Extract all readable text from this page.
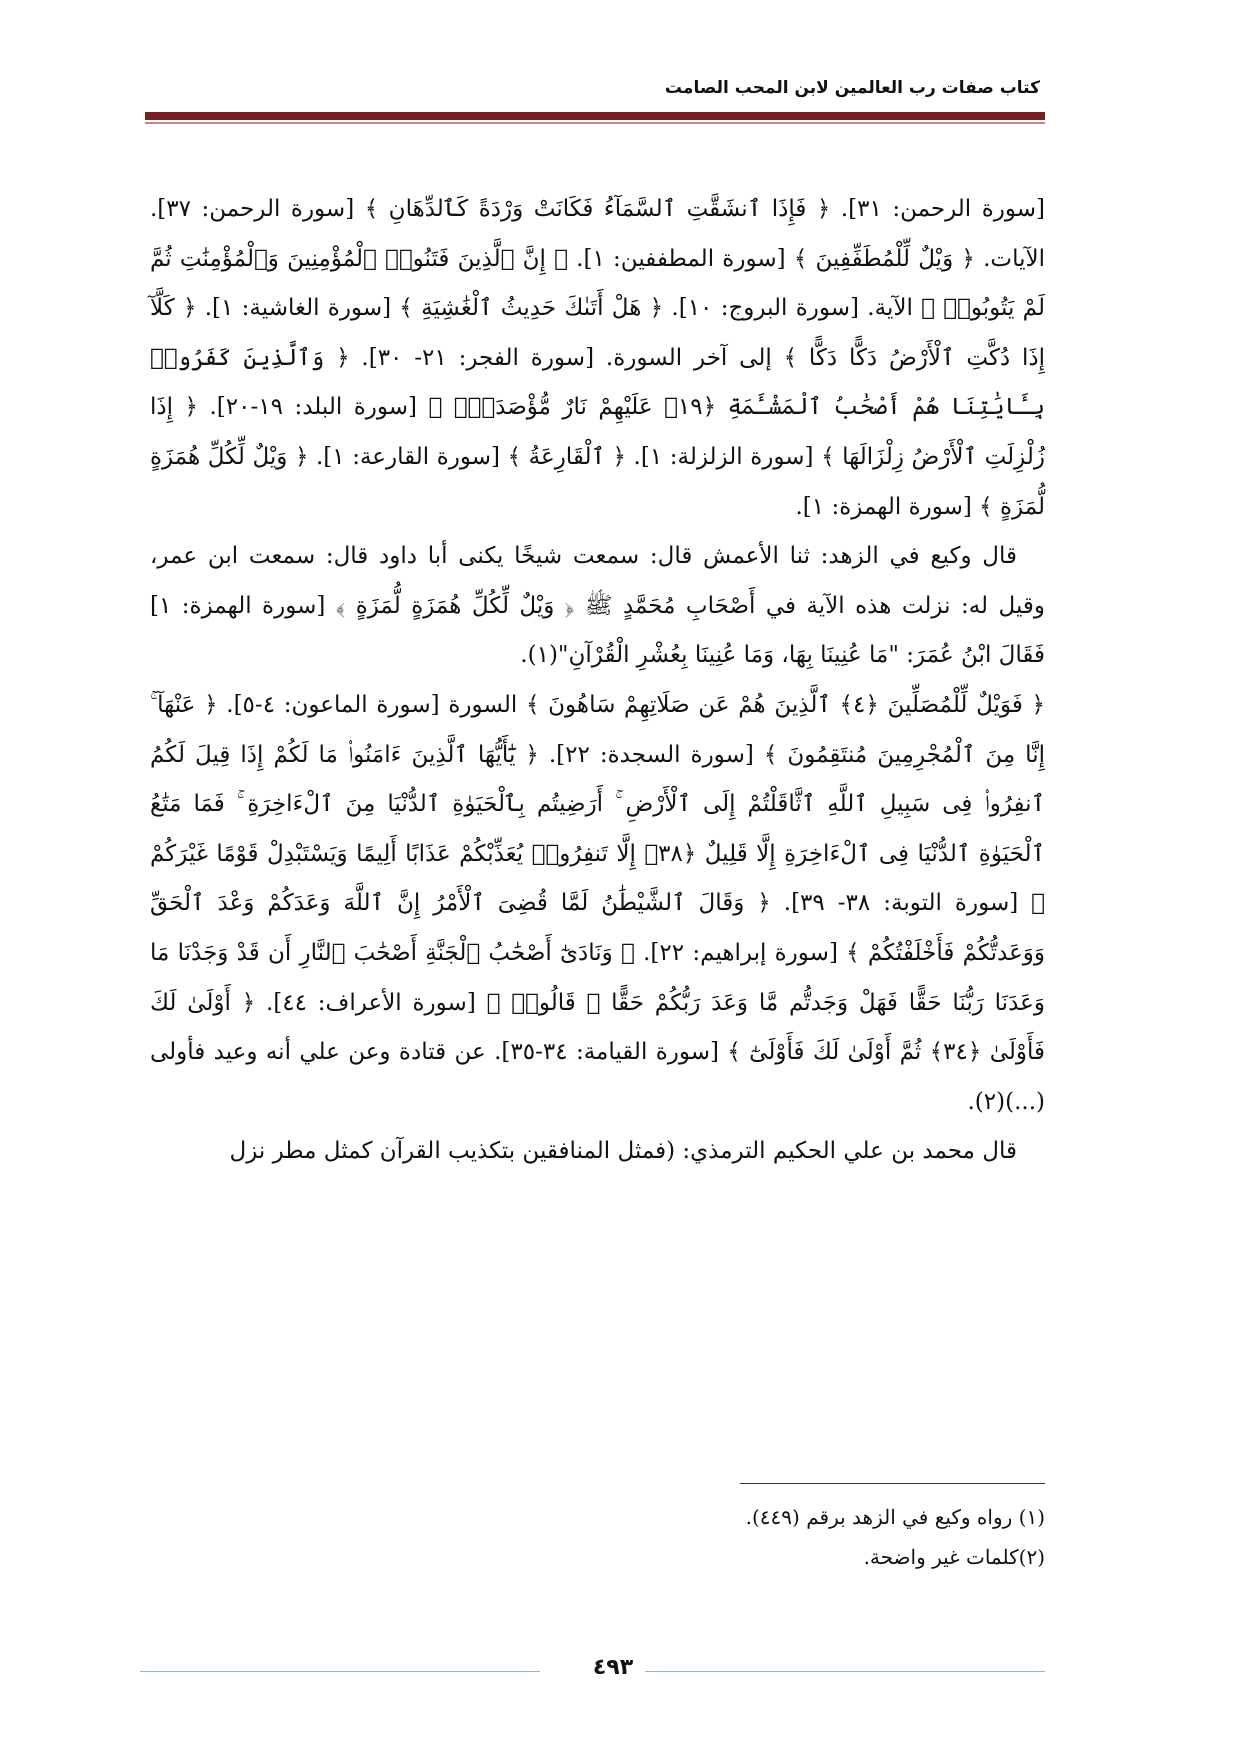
كتاب صفات رب العالمين لابن المحب الصامت

[سورة الرحمن: ٣١]. ﴿ فَإِذَا ٱنشَقَّتِ ٱلسَّمَآءُ فَكَانَتْ وَرْدَةً كَٱلدِّهَانِ ﴾ [سورة الرحمن: ٣٧]. الآيات. ﴿ وَيْلٌ لِّلْمُطَفِّفِينَ ﴾ [سورة المطففين: ١]. ﴿ إِنَّ ٱلَّذِينَ فَتَنُوا۟ ٱلْمُؤْمِنِينَ وَٱلْمُؤْمِنَٰتِ ثُمَّ لَمْ يَتُوبُوا۟ ﴾ الآية. [سورة البروج: ١٠]. ﴿ هَلْ أَتَىٰكَ حَدِيثُ ٱلْغَٰشِيَةِ ﴾ [سورة الغاشية: ١]. ﴿ كَلَّآ إِذَا دُكَّتِ ٱلْأَرْضُ دَكًّا دَكًّا ﴾ إلى آخر السورة. [سورة الفجر: ٢١- ٣٠]. ﴿ وَٱلَّذِينَ كَفَرُوا۟ بِـَٔايَٰتِنَا هُمْ أَصْحَٰبُ ٱلْمَشْـَٔمَةِ ﴿١٩﴾ عَلَيْهِمْ نَارٌ مُّؤْصَدَةٌۢ ﴾ [سورة البلد: ١٩-٢٠]. ﴿ إِذَا زُلْزِلَتِ ٱلْأَرْضُ زِلْزَالَهَا ﴾ [سورة الزلزلة: ١]. ﴿ ٱلْقَارِعَةُ ﴾ [سورة القارعة: ١]. ﴿ وَيْلٌ لِّكُلِّ هُمَزَةٍ لُّمَزَةٍ ﴾ [سورة الهمزة: ١].

قال وكيع في الزهد: ثنا الأعمش قال: سمعت شيخًا يكنى أبا داود قال: سمعت ابن عمر، وقيل له: نزلت هذه الآية في أَصْحَابِ مُحَمَّدٍ ﷺ ﴿ وَيْلٌ لِّكُلِّ هُمَزَةٍ لُّمَزَةٍ ﴾ [سورة الهمزة: ١] فَقَالَ ابْنُ عُمَرَ: "مَا عُنِينَا بِهَا، وَمَا عُنِينَا بِعُشْرِ الْقُرْآنِ"(١).

﴿ فَوَيْلٌ لِّلْمُصَلِّينَ ﴿٤﴾ ٱلَّذِينَ هُمْ عَن صَلَاتِهِمْ سَاهُونَ ﴾ السورة [سورة الماعون: ٤-٥]. ﴿ عَنْهَآ ۚ إِنَّا مِنَ ٱلْمُجْرِمِينَ مُنتَقِمُونَ ﴾ [سورة السجدة: ٢٢]. ﴿ يَٰٓأَيُّهَا ٱلَّذِينَ ءَامَنُوا۟ مَا لَكُمْ إِذَا قِيلَ لَكُمُ ٱنفِرُوا۟ فِى سَبِيلِ ٱللَّهِ ٱثَّاقَلْتُمْ إِلَى ٱلْأَرْضِ ۚ أَرَضِيتُم بِٱلْحَيَوٰةِ ٱلدُّنْيَا مِنَ ٱلْءَاخِرَةِ ۚ فَمَا مَتَٰعُ ٱلْحَيَوٰةِ ٱلدُّنْيَا فِى ٱلْءَاخِرَةِ إِلَّا قَلِيلٌ ﴿٣٨﴾ إِلَّا تَنفِرُوا۟ يُعَذِّبْكُمْ عَذَابًا أَلِيمًا وَيَسْتَبْدِلْ قَوْمًا غَيْرَكُمْ ﴾ [سورة التوبة: ٣٨- ٣٩]. ﴿ وَقَالَ ٱلشَّيْطَٰنُ لَمَّا قُضِىَ ٱلْأَمْرُ إِنَّ ٱللَّهَ وَعَدَكُمْ وَعْدَ ٱلْحَقِّ وَوَعَدتُّكُمْ فَأَخْلَفْتُكُمْ ﴾ [سورة إبراهيم: ٢٢]. ﴿ وَنَادَىٰٓ أَصْحَٰبُ ٱلْجَنَّةِ أَصْحَٰبَ ٱلنَّارِ أَن قَدْ وَجَدْنَا مَا وَعَدَنَا رَبُّنَا حَقًّا فَهَلْ وَجَدتُّم مَّا وَعَدَ رَبُّكُمْ حَقًّا ۖ قَالُوا۟ ﴾ [سورة الأعراف: ٤٤]. ﴿ أَوْلَىٰ لَكَ فَأَوْلَىٰ ﴿٣٤﴾ ثُمَّ أَوْلَىٰ لَكَ فَأَوْلَىٰٓ ﴾ [سورة القيامة: ٣٤-٣٥]. عن قتادة وعن علي أنه وعيد فأولى (...)(٢).

قال محمد بن علي الحكيم الترمذي: (فمثل المنافقين بتكذيب القرآن كمثل مطر نزل

(١) رواه وكيع في الزهد برقم (٤٤٩).
(٢)كلمات غير واضحة.
٤٩٣
